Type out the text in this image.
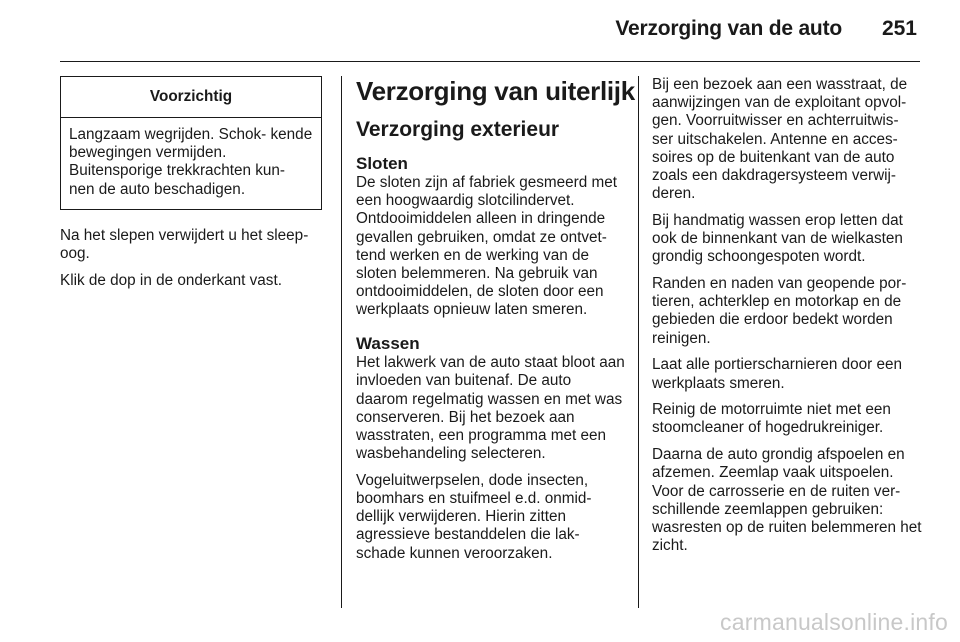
Verzorging van de auto 251
Voorzichtig
Langzaam wegrijden. Schok‐ kende bewegingen vermijden. Buitensporige trekkrachten kun‐ nen de auto beschadigen.

Na het slepen verwijdert u het sleep‐ oog.

Klik de dop in de onderkant vast.

Verzorging van uiterlijk
Verzorging exterieur
Sloten

De sloten zijn af fabriek gesmeerd met een hoogwaardig slotcilindervet. Ontdooimiddelen alleen in dringende gevallen gebruiken, omdat ze ontvet‐ tend werken en de werking van de sloten belemmeren. Na gebruik van ontdooimiddelen, de sloten door een werkplaats opnieuw laten smeren.

Wassen

Het lakwerk van de auto staat bloot aan invloeden van buitenaf. De auto daarom regelmatig wassen en met was conserveren. Bij het bezoek aan wasstraten, een programma met een wasbehandeling selecteren.

Vogeluitwerpselen, dode insecten, boomhars en stuifmeel e.d. onmid‐ dellijk verwijderen. Hierin zitten agressieve bestanddelen die lak‐ schade kunnen veroorzaken.

Bij een bezoek aan een wasstraat, de aanwijzingen van de exploitant opvol‐ gen. Voorruitwisser en achterruitwis‐ ser uitschakelen. Antenne en acces‐ soires op de buitenkant van de auto zoals een dakdragersysteem verwij‐ deren.

Bij handmatig wassen erop letten dat ook de binnenkant van de wielkasten grondig schoongespoten wordt.

Randen en naden van geopende por‐ tieren, achterklep en motorkap en de gebieden die erdoor bedekt worden reinigen.

Laat alle portierscharnieren door een werkplaats smeren.

Reinig de motorruimte niet met een stoomcleaner of hogedrukreiniger.

Daarna de auto grondig afspoelen en afzemen. Zeemlap vaak uitspoelen. Voor de carrosserie en de ruiten ver‐ schillende zeemlappen gebruiken: wasresten op de ruiten belemmeren het zicht.

carmanualsonline.info
